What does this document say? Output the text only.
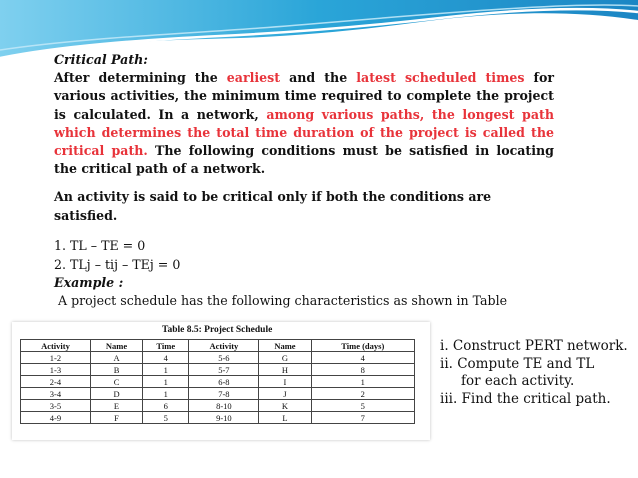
Critical Path:

After determining the earliest and the latest scheduled times for various activities, the minimum time required to complete the project is calculated. In a network, among various paths, the longest path which determines the total time duration of the project is called the critical path. The following conditions must be satisfied in locating the critical path of a network.

An activity is said to be critical only if both the conditions are satisfied.

1. TL – TE = 0

2. TLj – tij – TEj = 0

Example :

A project schedule has the following characteristics as shown in Table

Table 8.5: Project Schedule
Activity	Name	Time	Activity	Name	Time (days)
1-2	A	4	5-6	G	4
1-3	B	1	5-7	H	8
2-4	C	1	6-8	I	1
3-4	D	1	7-8	J	2
3-5	E	6	8-10	K	5
4-9	F	5	9-10	L	7
i. Construct PERT network.
ii. Compute TE and TL
for each activity.
iii. Find the critical path.
